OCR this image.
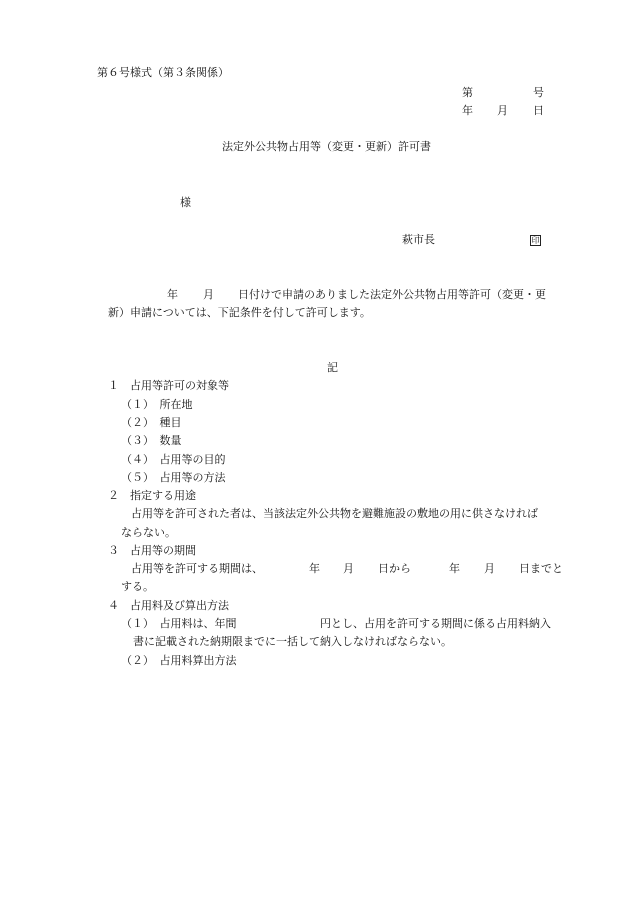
第６号様式（第３条関係）
第	号
年 月 日
法定外公共物占用等（変更・更新）許可書
様
萩市長	印
年 月 日付けで申請のありました法定外公共物占用等許可（変更・更
新）申請については、下記条件を付して許可します。
記
１　占用等許可の対象等
（１）　所在地
（２）　種目
（３）　数量
（４）　占用等の目的
（５）　占用等の方法
２　指定する用途
占用等を許可された者は、当該法定外公共物を避難施設の敷地の用に供さなければ
ならない。
３　占用等の期間
占用等を許可する期間は、	年 月 日から	年 月 日までと
する。
４　占用料及び算出方法
（１）　占用料は、年間	円とし、占用を許可する期間に係る占用料納入
書に記載された納期限までに一括して納入しなければならない。
（２）　占用料算出方法
